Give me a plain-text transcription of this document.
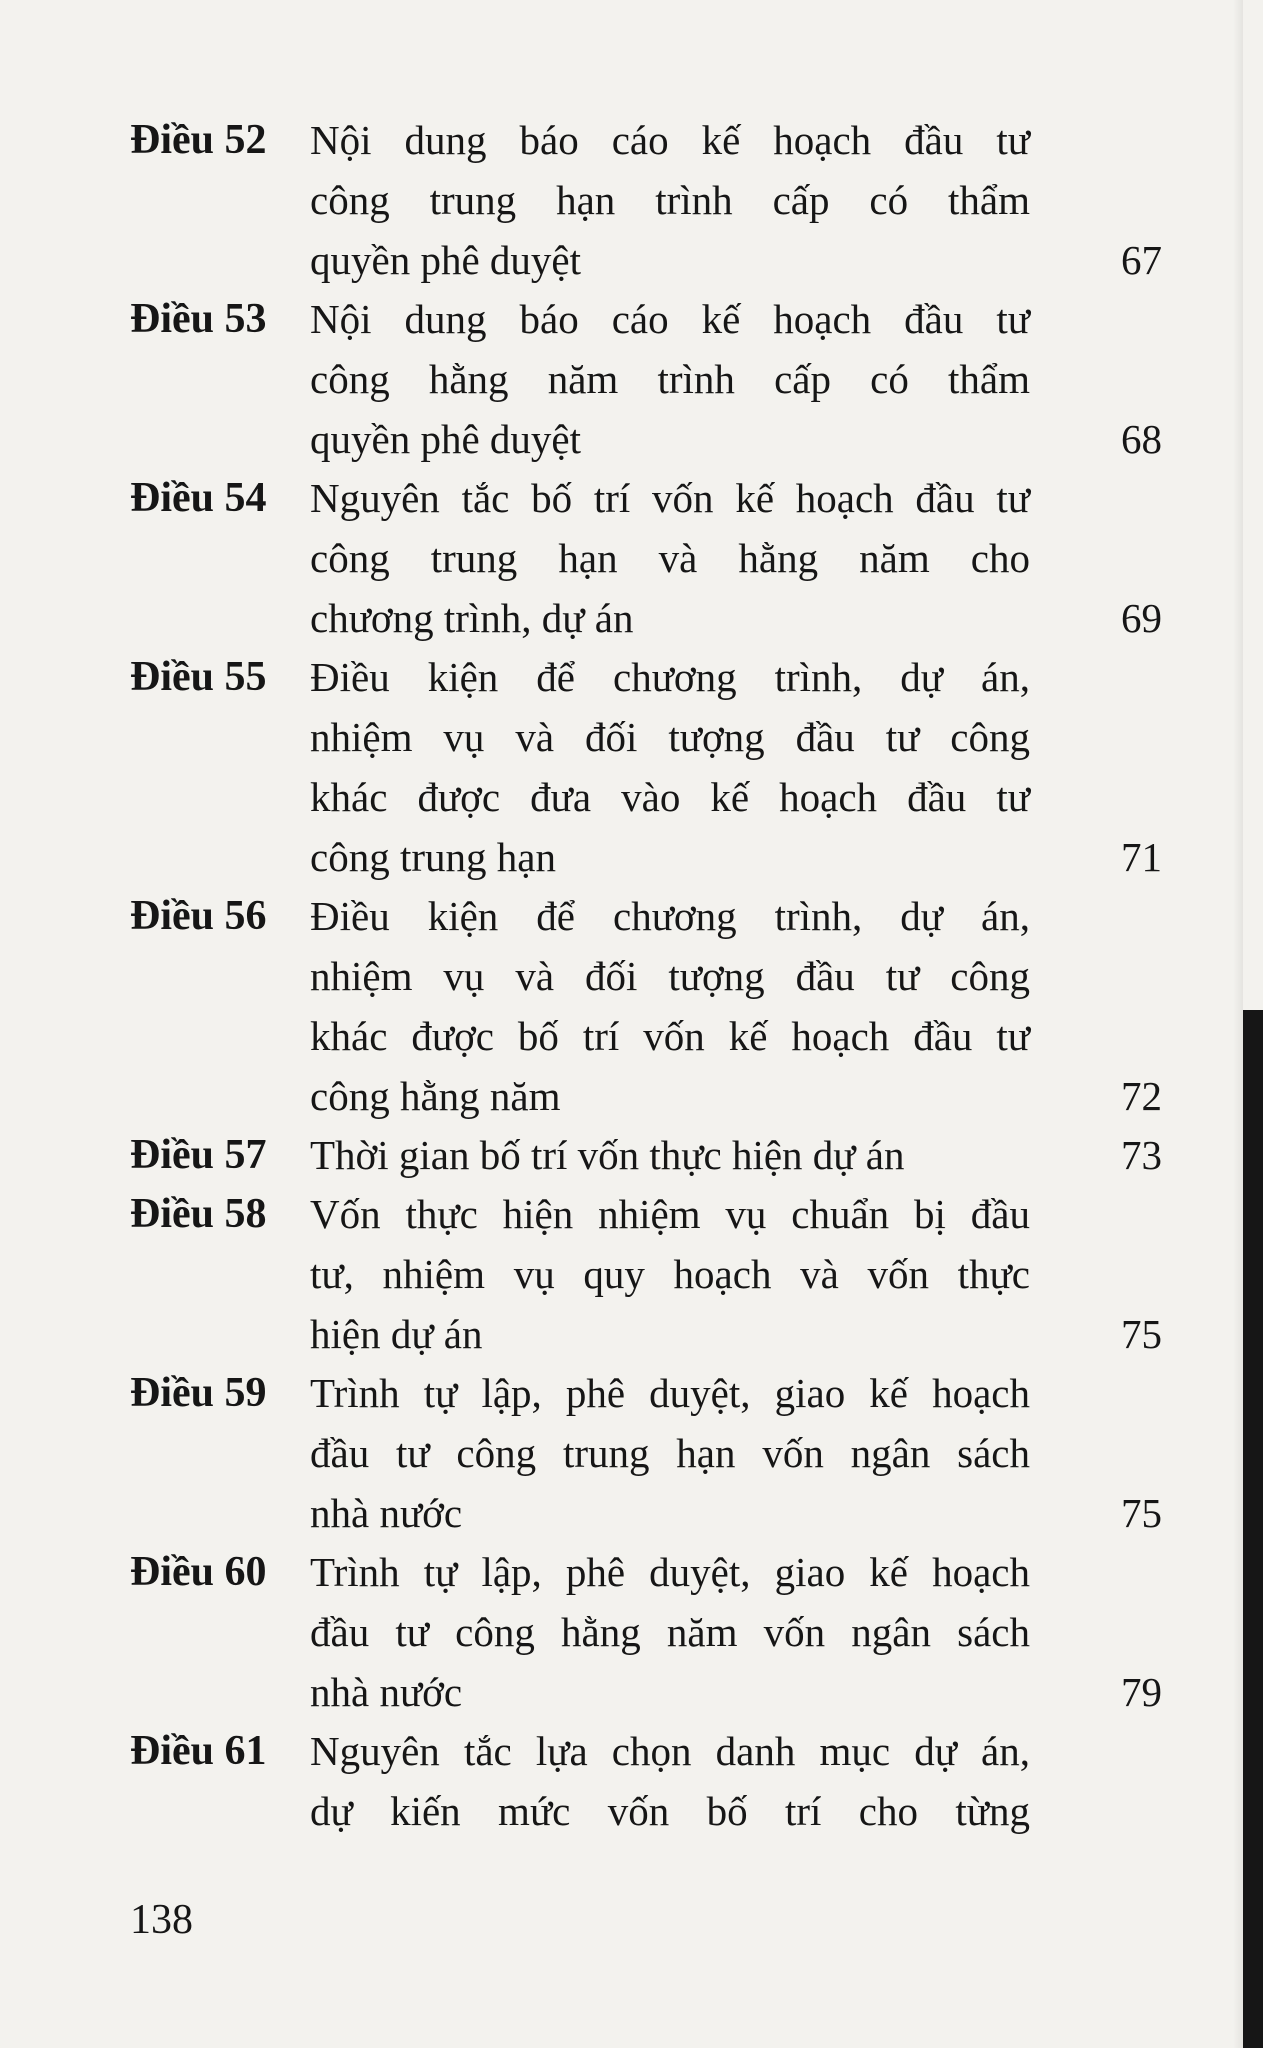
Điều 52 Nội dung báo cáo kế hoạch đầu tư
công trung hạn trình cấp có thẩm
quyền phê duyệt	67
Điều 53 Nội dung báo cáo kế hoạch đầu tư
công hằng năm trình cấp có thẩm
quyền phê duyệt	68
Điều 54 Nguyên tắc bố trí vốn kế hoạch đầu tư
công trung hạn và hằng năm cho
chương trình, dự án	69
Điều 55 Điều kiện để chương trình, dự án,
nhiệm vụ và đối tượng đầu tư công
khác được đưa vào kế hoạch đầu tư
công trung hạn	71
Điều 56 Điều kiện để chương trình, dự án,
nhiệm vụ và đối tượng đầu tư công
khác được bố trí vốn kế hoạch đầu tư
công hằng năm	72
Điều 57 Thời gian bố trí vốn thực hiện dự án	73
Điều 58 Vốn thực hiện nhiệm vụ chuẩn bị đầu
tư, nhiệm vụ quy hoạch và vốn thực
hiện dự án	75
Điều 59 Trình tự lập, phê duyệt, giao kế hoạch
đầu tư công trung hạn vốn ngân sách
nhà nước	75
Điều 60 Trình tự lập, phê duyệt, giao kế hoạch
đầu tư công hằng năm vốn ngân sách
nhà nước	79
Điều 61 Nguyên tắc lựa chọn danh mục dự án,
dự kiến mức vốn bố trí cho từng
138
